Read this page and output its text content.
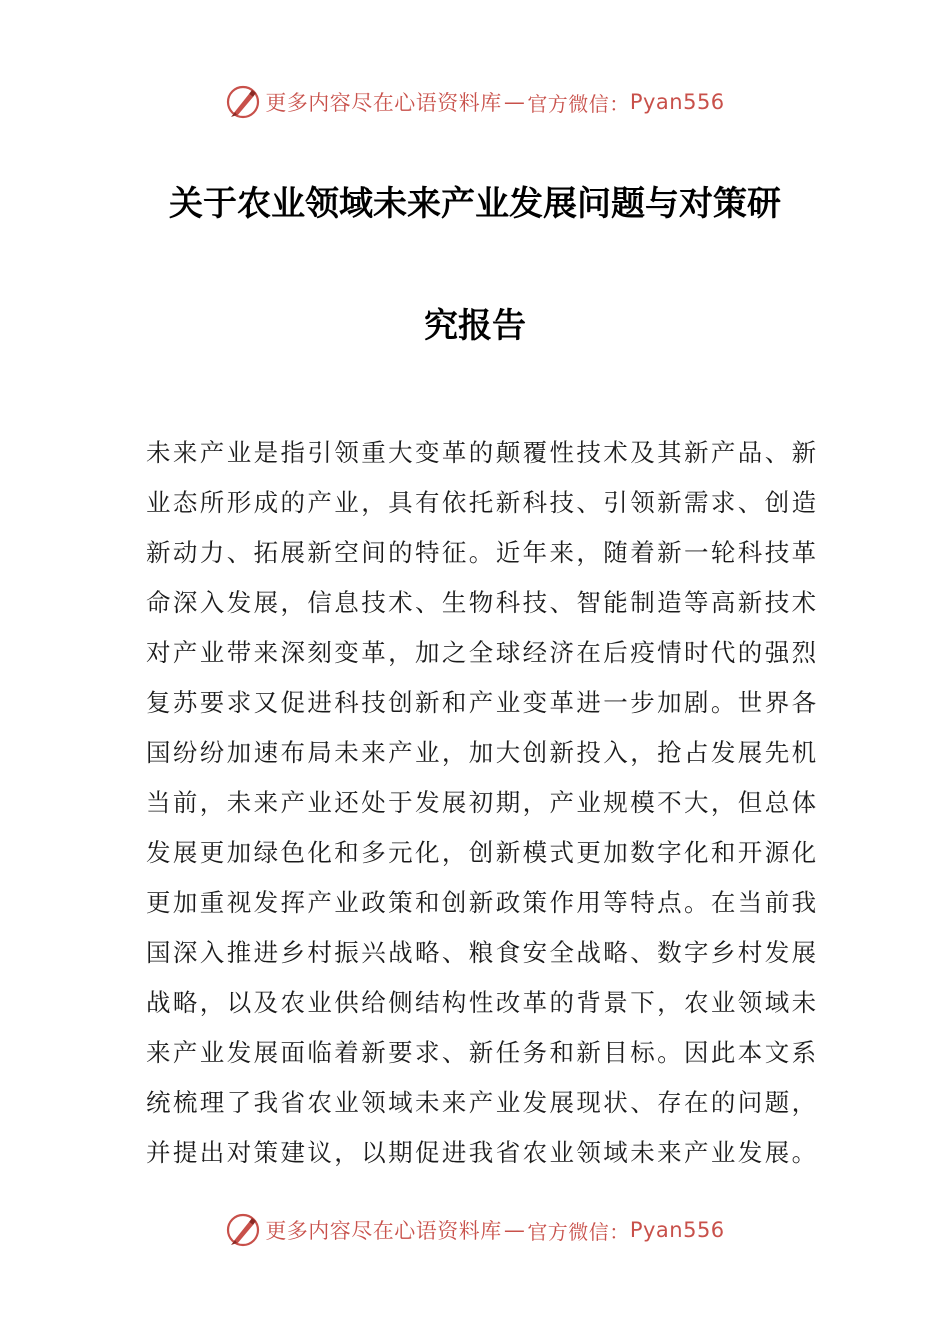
更多内容尽在心语资料库 — 官方微信： Pyan556
关于农业领域未来产业发展问题与对策研
究报告
未来产业是指引领重大变革的颠覆性技术及其新产品、新
业态所形成的产业，具有依托新科技、引领新需求、创造
新动力、拓展新空间的特征。近年来，随着新一轮科技革
命深入发展，信息技术、生物科技、智能制造等高新技术
对产业带来深刻变革，加之全球经济在后疫情时代的强烈
复苏要求又促进科技创新和产业变革进一步加剧。世界各
国纷纷加速布局未来产业，加大创新投入，抢占发展先机
当前，未来产业还处于发展初期，产业规模不大，但总体
发展更加绿色化和多元化，创新模式更加数字化和开源化
更加重视发挥产业政策和创新政策作用等特点。在当前我
国深入推进乡村振兴战略、粮食安全战略、数字乡村发展
战略，以及农业供给侧结构性改革的背景下，农业领域未
来产业发展面临着新要求、新任务和新目标。因此本文系
统梳理了我省农业领域未来产业发展现状、存在的问题，
并提出对策建议，以期促进我省农业领域未来产业发展。
更多内容尽在心语资料库 — 官方微信： Pyan556
